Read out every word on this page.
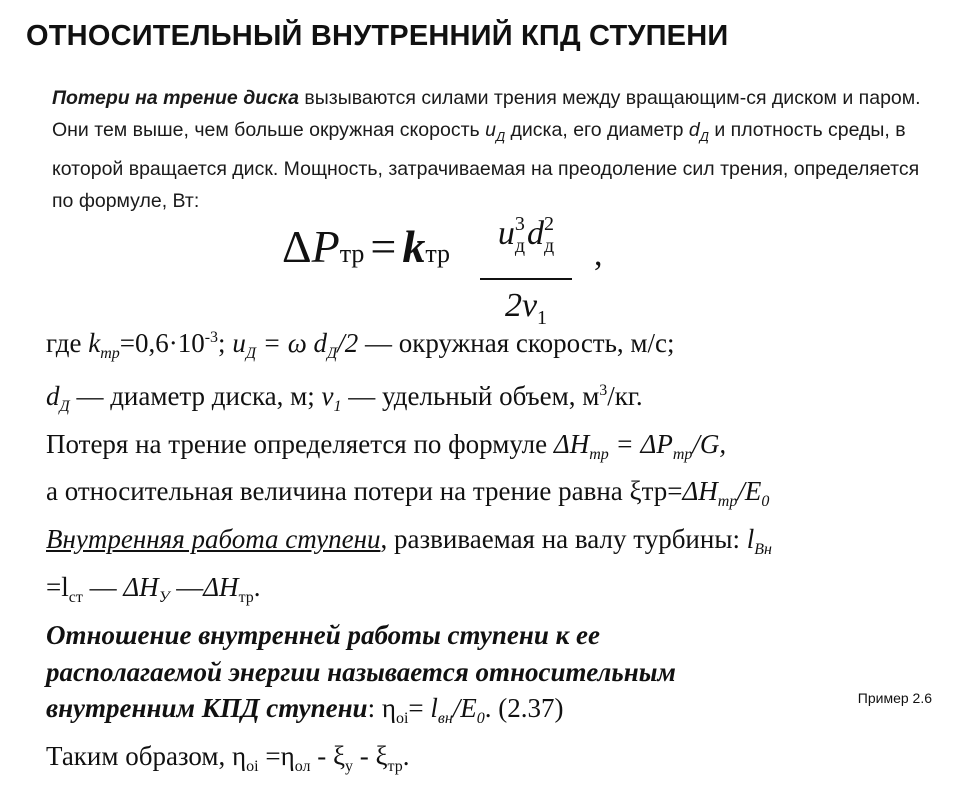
ОТНОСИТЕЛЬНЫЙ ВНУТРЕННИЙ КПД СТУПЕНИ
Потери на трение диска вызываются силами трения между вращающим-ся диском и паром. Они тем выше, чем больше окружная скорость $u_Д$ диска, его диаметр $d_Д$ и плотность среды, в которой вращается диск. Мощность, затрачиваемая на преодоление сил трения, определяется по формуле, Вт:
ΔPтр = kтр
$u^3_дd^2_д$
$2v_1$
,
где $k_{тр}=0,6\cdot 10^{-3}$; $u_Д = \omega$ $d_Д/2$ — окружная скорость, м/с;
$d_Д$ — диаметр диска, м; $v_1$ — удельный объем, $м^3/кг$.
Потеря на трение определяется по формуле $\Delta H_{тр} = \Delta P_{тр}/G$,
а относительная величина потери на трение равна $\xi тр=\Delta H_{тр}/E_0$
Внутренняя работа ступени, развиваемая на валу турбины: $l_{Вн}$
$=l_{ст}$ — $\Delta H_У$ $—\Delta H_{тр}$.
Отношение внутренней работы ступени к ее
располагаемой энергии называется относительным
внутренним КПД ступени: $\eta_{oi}= l_{вн}/E_0$. (2.37)
Таким образом, $\eta_{oi} =\eta_{ол} - \xi_у - \xi_{тр}$.
Пример 2.6
